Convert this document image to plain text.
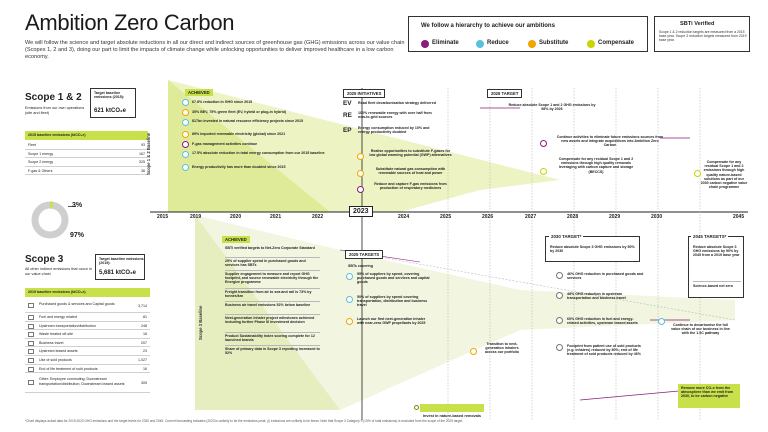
Ambition Zero Carbon
We will follow the science and target absolute reductions in all our direct and indirect sources of greenhouse gas (GHG) emissions across our value chain (Scopes 1, 2 and 3), doing our part to limit the impacts of climate change while unlocking opportunities to deliver improved healthcare in a low carbon economy.
We follow a hierarchy to achieve our ambitions
Eliminate	Reduce	Substitute	Compensate
SBTi Verified
Scope 1 & 2 reduction targets are measured from a 2015 base year. Scope 3 reduction targets measured from 2019 base year.
Scope 1 & 2
Emissions from our own operations (site and fleet)
Target baseline emissions (2015):
621 ktCO₂e
2015 baseline emissions (ktCO₂e)
Fleet	93
Scope 1 energy	167
Scope 2 energy	325
F-gas & Others	36 Scope 1 & 2 Baseline
3%
97%
Scope 3
All other indirect emissions that occur in our value chain
Target baseline emissions (2019):
5,681 ktCO₂e
2019 baseline emissions (ktCO₂e)
Purchased goods & services and Capital goods	3,714
Fuel and energy related	81
Upstream transportation/distribution	248
Waste treated off-site	16
Business travel	207
Upstream leased assets	23
Use of sold products	1,027
End of life treatment of sold products	16
Other: Employee commuting; Downstream transportation/distribution; Downstream leased assets	305
Scope 3 Baseline
2015	2019	2020	2021	2022
2023
2024	2025	2026	2027	2028	2029	2030	2045
ACHIEVED
67.8% reduction in GHG since 2015
35% BEV, 75% green fleet (EV, hybrid or plug-in hybrid)
$17bn invested in natural resource efficiency projects since 2015
89% imported renewable electricity (global) since 2021
F-gas management activities continue
17.5% absolute reduction in total energy consumption from our 2015 baseline
Energy productivity has more than doubled since 2015
2025 INITIATIVES
EV Road fleet decarbonisation strategy delivered
RE 100% renewable energy with over half from new-to-grid sources
EP Energy consumption reduced by 10% and energy productivity doubled
Realise opportunities to substitute F-gases for low global warming potential (GWP) alternatives
Substitute natural gas consumption with renewable sources of heat and power
Reduce and capture F-gas emissions from production of respiratory medicines
2026 TARGET
Reduce absolute Scope 1 and 2 GHG emissions by 98% by 2026
Continue activities to eliminate future emissions sources from new assets and integrate acquisitions into Ambition Zero Carbon
Compensate for any residual Scope 1 and 2 emissions through high quality removals leveraging with carbon capture and storage (BECCS)
Compensate for any residual Scope 1 and 2 emissions through high quality nature-based solutions as part of our 2030 carbon negative value chain programme
ACHIEVED
SBTi verified targets to Net-Zero Corporate Standard
29% of supplier spend in purchased goods and services has SBTs
Supplier engagement to measure and report GHG footprint, and source renewable electricity through the Energize programme
Freight transition from air to sea and rail is 73% by tonnes/km
Business air travel emissions 52% below baseline
Next-generation inhaler project milestones achieved including further Phase III investment decision
Product Sustainability Index scoring complete for 12 launched brands
Share of primary data in Scope 3 reporting increased to 52%
2025 TARGETS
SBTs covering
95% of suppliers by spend, covering purchased goods and services and capital goods
50% of suppliers by spend covering transportation, distribution and business travel
Launch our first next-generation inhaler with near-zero GWP propellants by 2025
Transition to next-generation inhalers across our portfolio
2030 TARGET*
Reduce absolute Scope 3 GHG emissions by 50% by 2030
46% GHG reduction in purchased goods and services
48% GHG reduction in upstream transportation and business travel
60% GHG reduction in fuel and energy-related activities, upstream leased assets
Footprint from patient use of sold products (e.g. inhalers) reduced by 80%; end of life treatment of sold products reduced by 46%
2045 TARGETS*
Reduce absolute Scope 3 GHG emissions by 90% by 2045 from a 2019 base year
Science-based net zero
Continue to decarbonise the full value chain of our business in line with the 1.5C pathway
Remove more CO₂e from the atmosphere than we emit from 2030, to be carbon negative
Invest in nature-based removals
*Chart displays actual data for 2019-2023 GHG emissions and the target levels for 2030 and 2045. Current forecasting indicates (2023 is unlikely to be the emissions peak, (i) emissions are unlikely to be linear. Note that Scope 3 Category 9 (<5% of total emissions) is excluded from the scope of the 2025 target.
